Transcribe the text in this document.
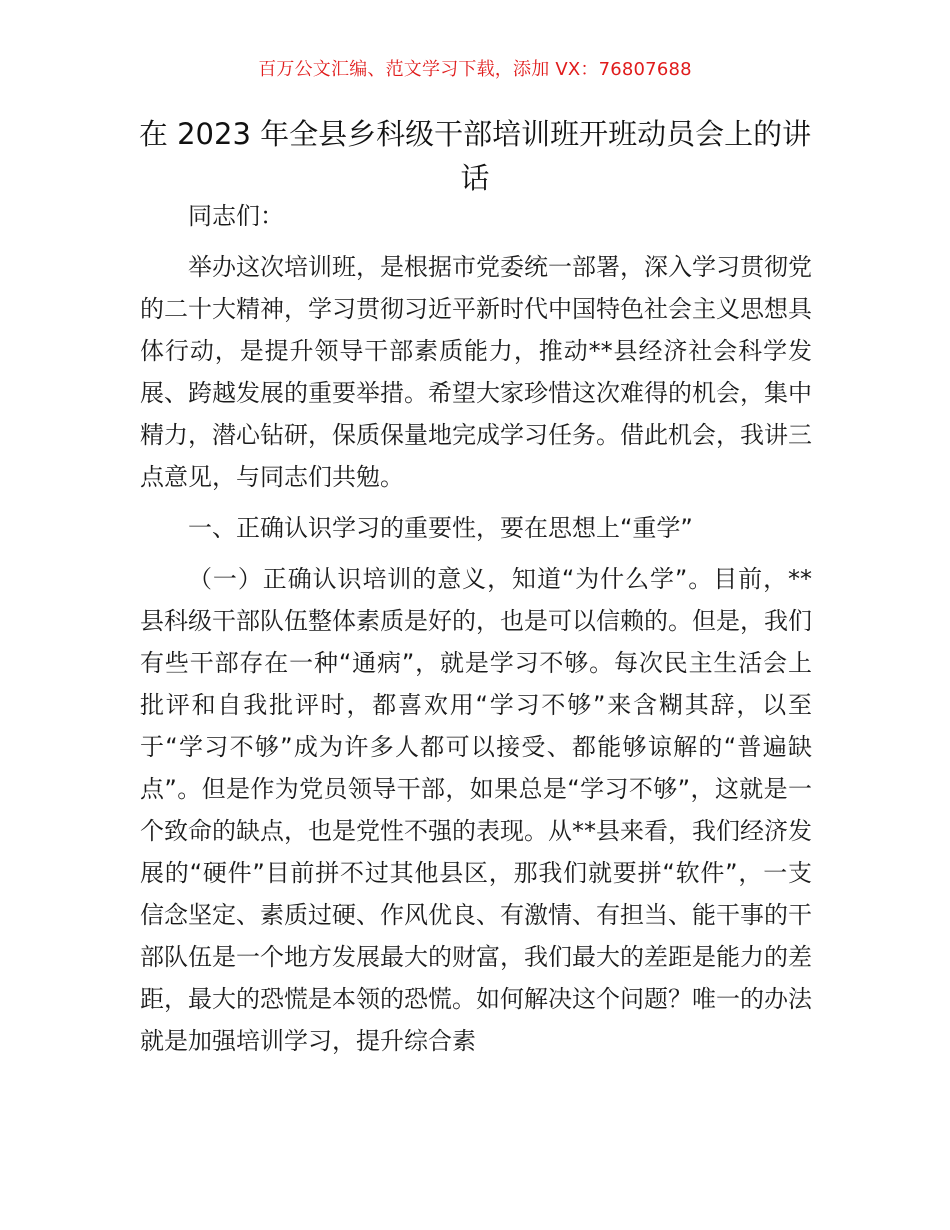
百万公文汇编、范文学习下载，添加 VX：76807688
在 2023 年全县乡科级干部培训班开班动员会上的讲话

同志们：

举办这次培训班，是根据市党委统一部署，深入学习贯彻党的二十大精神，学习贯彻习近平新时代中国特色社会主义思想具体行动，是提升领导干部素质能力，推动**县经济社会科学发展、跨越发展的重要举措。希望大家珍惜这次难得的机会，集中精力，潜心钻研，保质保量地完成学习任务。借此机会，我讲三点意见，与同志们共勉。

一、正确认识学习的重要性，要在思想上“重学”

（一）正确认识培训的意义，知道“为什么学”。目前，**县科级干部队伍整体素质是好的，也是可以信赖的。但是，我们有些干部存在一种“通病”，就是学习不够。每次民主生活会上批评和自我批评时，都喜欢用“学习不够”来含糊其辞，以至于“学习不够”成为许多人都可以接受、都能够谅解的“普遍缺点”。但是作为党员领导干部，如果总是“学习不够”，这就是一个致命的缺点，也是党性不强的表现。从**县来看，我们经济发展的“硬件”目前拼不过其他县区，那我们就要拼“软件”，一支信念坚定、素质过硬、作风优良、有激情、有担当、能干事的干部队伍是一个地方发展最大的财富，我们最大的差距是能力的差距，最大的恐慌是本领的恐慌。如何解决这个问题？唯一的办法就是加强培训学习，提升综合素
